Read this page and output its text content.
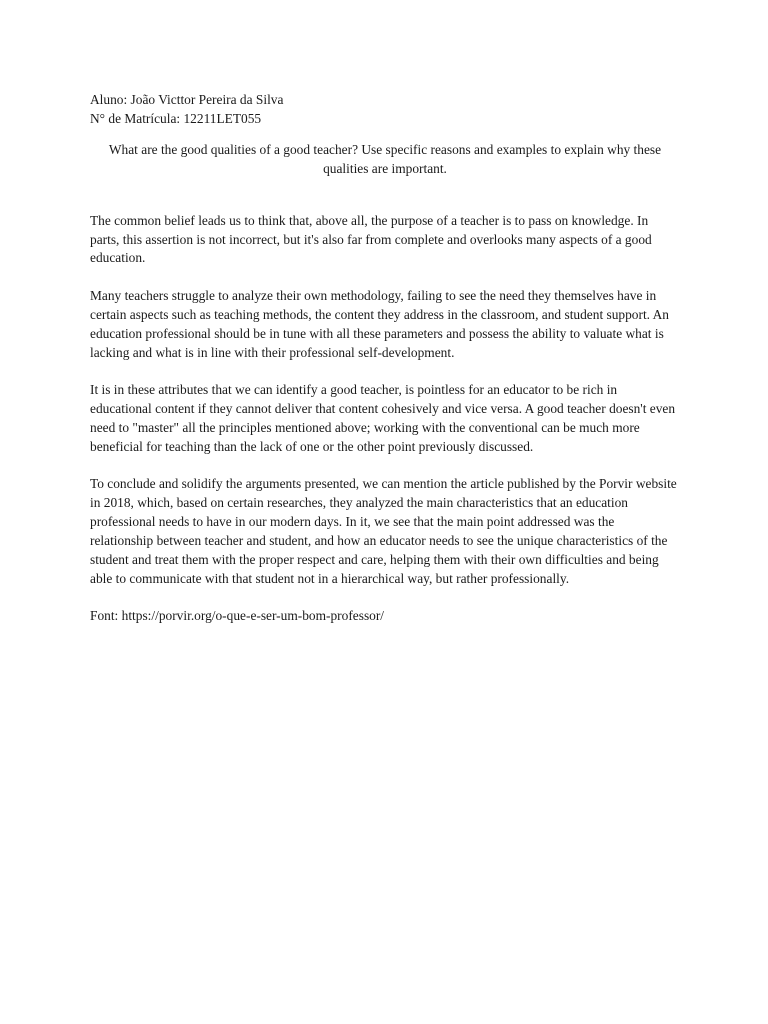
Aluno: João Victtor Pereira da Silva
N° de Matrícula: 12211LET055
What are the good qualities of a good teacher? Use specific reasons and examples to explain why these qualities are important.

The common belief leads us to think that, above all, the purpose of a teacher is to pass on knowledge. In parts, this assertion is not incorrect, but it's also far from complete and overlooks many aspects of a good education.

Many teachers struggle to analyze their own methodology, failing to see the need they themselves have in certain aspects such as teaching methods, the content they address in the classroom, and student support. An education professional should be in tune with all these parameters and possess the ability to valuate what is lacking and what is in line with their professional self-development.

It is in these attributes that we can identify a good teacher, is pointless for an educator to be rich in educational content if they cannot deliver that content cohesively and vice versa. A good teacher doesn't even need to "master" all the principles mentioned above; working with the conventional can be much more beneficial for teaching than the lack of one or the other point previously discussed.

To conclude and solidify the arguments presented, we can mention the article published by the Porvir website in 2018, which, based on certain researches, they analyzed the main characteristics that an education professional needs to have in our modern days. In it, we see that the main point addressed was the relationship between teacher and student, and how an educator needs to see the unique characteristics of the student and treat them with the proper respect and care, helping them with their own difficulties and being able to communicate with that student not in a hierarchical way, but rather professionally.

Font: https://porvir.org/o-que-e-ser-um-bom-professor/
